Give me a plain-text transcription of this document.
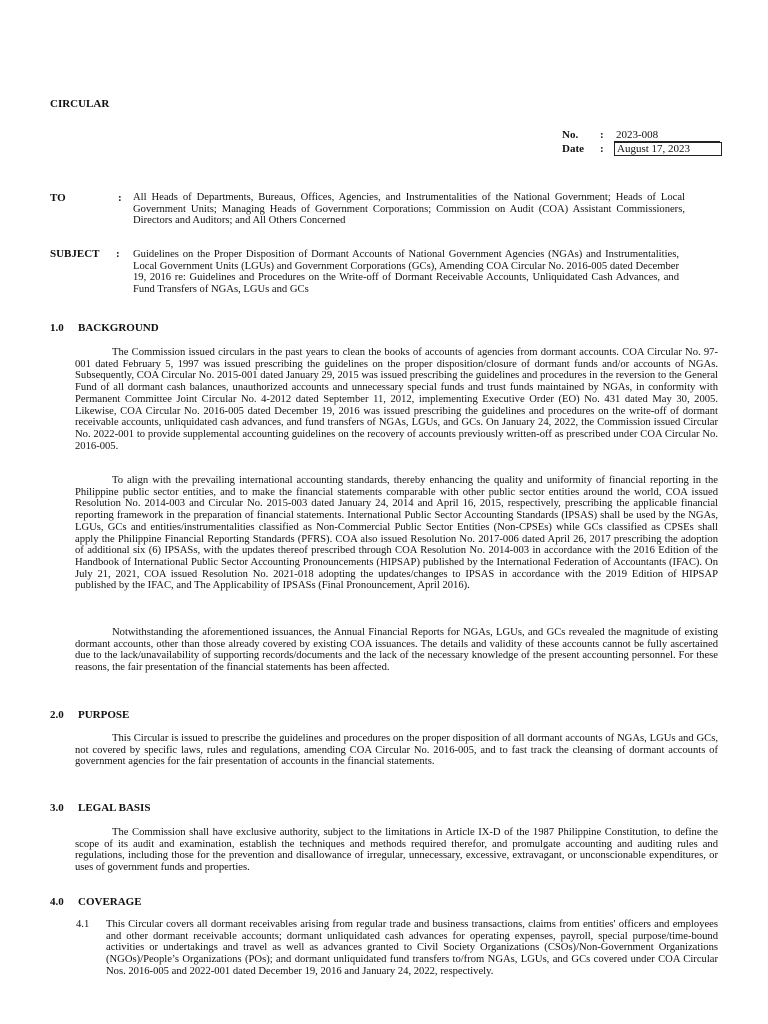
CIRCULAR
No. : 2023-008
Date : August 17, 2023
TO	: All Heads of Departments, Bureaus, Offices, Agencies, and Instrumentalities of the National Government; Heads of Local Government Units; Managing Heads of Government Corporations; Commission on Audit (COA) Assistant Commissioners, Directors and Auditors; and All Others Concerned
SUBJECT : Guidelines on the Proper Disposition of Dormant Accounts of National Government Agencies (NGAs) and Instrumentalities, Local Government Units (LGUs) and Government Corporations (GCs), Amending COA Circular No. 2016-005 dated December 19, 2016 re: Guidelines and Procedures on the Write-off of Dormant Receivable Accounts, Unliquidated Cash Advances, and Fund Transfers of NGAs, LGUs and GCs
1.0 BACKGROUND

The Commission issued circulars in the past years to clean the books of accounts of agencies from dormant accounts. COA Circular No. 97-001 dated February 5, 1997 was issued prescribing the guidelines on the proper disposition/closure of dormant funds and/or accounts of NGAs. Subsequently, COA Circular No. 2015-001 dated January 29, 2015 was issued prescribing the guidelines and procedures in the reversion to the General Fund of all dormant cash balances, unauthorized accounts and unnecessary special funds and trust funds maintained by NGAs, in conformity with Permanent Committee Joint Circular No. 4-2012 dated September 11, 2012, implementing Executive Order (EO) No. 431 dated May 30, 2005. Likewise, COA Circular No. 2016-005 dated December 19, 2016 was issued prescribing the guidelines and procedures on the write-off of dormant receivable accounts, unliquidated cash advances, and fund transfers of NGAs, LGUs, and GCs. On January 24, 2022, the Commission issued Circular No. 2022-001 to provide supplemental accounting guidelines on the recovery of accounts previously written-off as prescribed under COA Circular No. 2016-005.

To align with the prevailing international accounting standards, thereby enhancing the quality and uniformity of financial reporting in the Philippine public sector entities, and to make the financial statements comparable with other public sector entities around the world, COA issued Resolution No. 2014-003 and Circular No. 2015-003 dated January 24, 2014 and April 16, 2015, respectively, prescribing the applicable financial reporting framework in the preparation of financial statements. International Public Sector Accounting Standards (IPSAS) shall be used by the NGAs, LGUs, GCs and entities/instrumentalities classified as Non-Commercial Public Sector Entities (Non-CPSEs) while GCs classified as CPSEs shall apply the Philippine Financial Reporting Standards (PFRS). COA also issued Resolution No. 2017-006 dated April 26, 2017 prescribing the adoption of additional six (6) IPSASs, with the updates thereof prescribed through COA Resolution No. 2014-003 in accordance with the 2016 Edition of the Handbook of International Public Sector Accounting Pronouncements (HIPSAP) published by the International Federation of Accountants (IFAC). On July 21, 2021, COA issued Resolution No. 2021-018 adopting the updates/changes to IPSAS in accordance with the 2019 Edition of HIPSAP published by the IFAC, and The Applicability of IPSASs (Final Pronouncement, April 2016).

Notwithstanding the aforementioned issuances, the Annual Financial Reports for NGAs, LGUs, and GCs revealed the magnitude of existing dormant accounts, other than those already covered by existing COA issuances. The details and validity of these accounts cannot be fully ascertained due to the lack/unavailability of supporting records/documents and the lack of the necessary knowledge of the present accounting personnel. For these reasons, the fair presentation of the financial statements has been affected.

2.0 PURPOSE

This Circular is issued to prescribe the guidelines and procedures on the proper disposition of all dormant accounts of NGAs, LGUs and GCs, not covered by specific laws, rules and regulations, amending COA Circular No. 2016-005, and to fast track the cleansing of dormant accounts of government agencies for the fair presentation of accounts in the financial statements.

3.0 LEGAL BASIS

The Commission shall have exclusive authority, subject to the limitations in Article IX-D of the 1987 Philippine Constitution, to define the scope of its audit and examination, establish the techniques and methods required therefor, and promulgate accounting and auditing rules and regulations, including those for the prevention and disallowance of irregular, unnecessary, excessive, extravagant, or unconscionable expenditures, or uses of government funds and properties.

4.0 COVERAGE
4.1 This Circular covers all dormant receivables arising from regular trade and business transactions, claims from entities' officers and employees and other dormant receivable accounts; dormant unliquidated cash advances for operating expenses, payroll, special purpose/time-bound activities or undertakings and travel as well as advances granted to Civil Society Organizations (CSOs)/Non-Government Organizations (NGOs)/People’s Organizations (POs); and dormant unliquidated fund transfers to/from NGAs, LGUs, and GCs covered under COA Circular Nos. 2016-005 and 2022-001 dated December 19, 2016 and January 24, 2022, respectively.
